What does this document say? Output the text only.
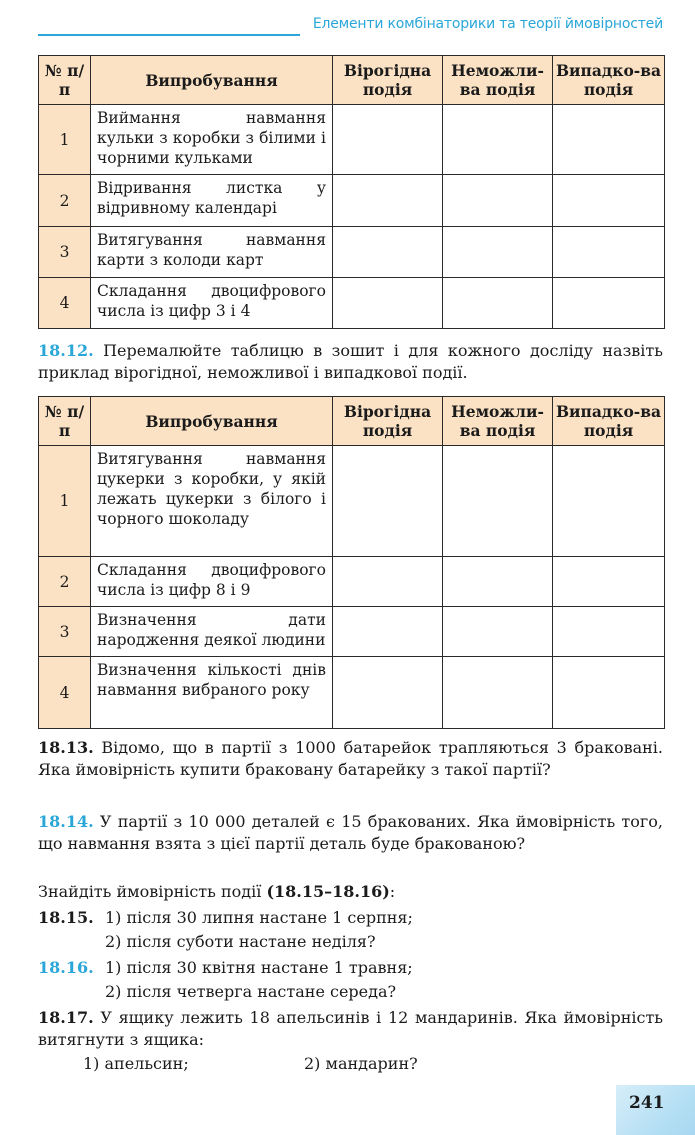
Елементи комбінаторики та теорії ймовірностей
№ п/п	Випробування	Вірогідна подія	Неможли-ва подія	Випадко-ва подія
1	Виймання навмання кульки з коробки з білими і чорними кульками			
2	Відривання листка у відривному календарі			
3	Витягування навмання карти з колоди карт			
4	Складання двоцифрового числа із цифр 3 і 4			

18.12. Перемалюйте таблицю в зошит і для кожного досліду назвіть приклад вірогідної, неможливої і випадкової події.

№ п/п	Випробування	Вірогідна подія	Неможли-ва подія	Випадко-ва подія
1	Витягування навмання цукерки з коробки, у якій лежать цукерки з білого і чорного шоколаду			
2	Складання двоцифрового числа із цифр 8 і 9			
3	Визначення дати народження деякої людини			
4	Визначення кількості днів навмання вибраного року			

18.13. Відомо, що в партії з 1000 батарейок трапляються 3 браковані. Яка ймовірність купити браковану батарейку з такої партії?

18.14. У партії з 10 000 деталей є 15 бракованих. Яка ймовірність того, що навмання взята з цієї партії деталь буде бракованою?

Знайдіть ймовірність події (18.15–18.16):

18.15. 1) після 30 липня настане 1 серпня;

2) після суботи настане неділя?

18.16. 1) після 30 квітня настане 1 травня;

2) після четверга настане середа?

18.17. У ящику лежить 18 апельсинів і 12 мандаринів. Яка ймовірність витягнути з ящика:

1) апельсин;	2) мандарин?

241
